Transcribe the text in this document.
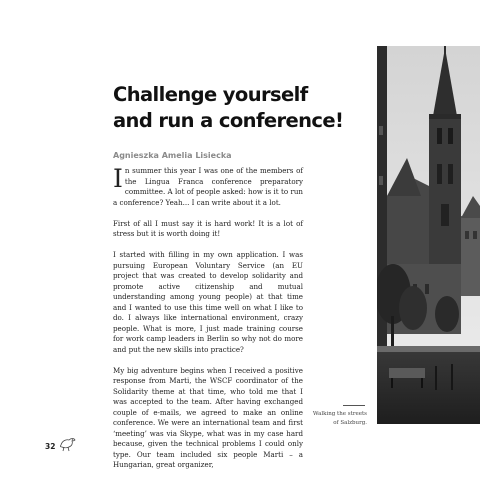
Challenge yourself
and run a conference!
Agnieszka Amelia Lisiecka

In summer this year I was one of the members of the Lingua Franca conference preparatory committee. A lot of people asked: how is it to run a conference? Yeah... I can write about it a lot.

First of all I must say it is hard work! It is a lot of stress but it is worth doing it!

I started with filling in my own application. I was pursuing European Voluntary Service (an EU project that was created to develop solidarity and promote active citizenship and mutual understanding among young people) at that time and I wanted to use this time well on what I like to do. I always like international environment, crazy people. What is more, I just made training course for work camp leaders in Berlin so why not do more and put the new skills into practice?

My big adventure begins when I received a positive response from Marti, the WSCF coordinator of the Solidarity theme at that time, who told me that I was accepted to the team. After having exchanged couple of e-mails, we agreed to make an online conference. We were an international team and first ‘meeting’ was via Skype, what was in my case hard because, given the technical problems I could only type. Our team included six people Marti – a Hungarian, great organizer,

Walking the streets
of Salzburg.
32
